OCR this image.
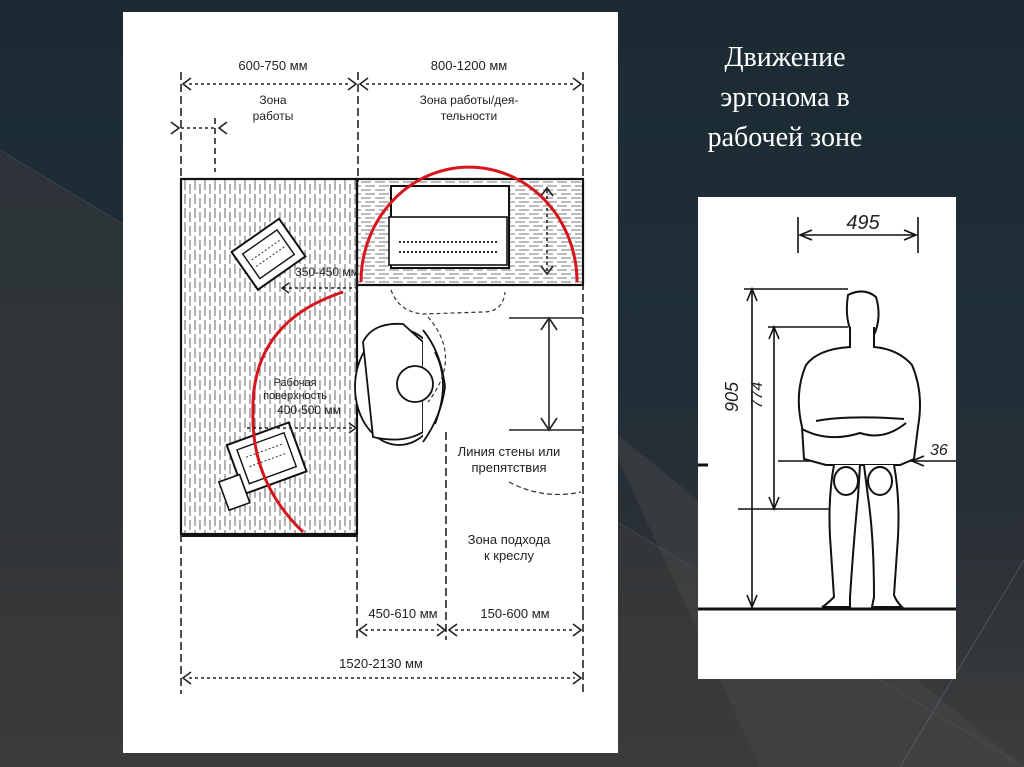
Движение эргонома в рабочей зоне
600-750 мм	800-1200 мм
Зона
работы
Зона работы/дея-
тельности
350-450 мм
Рабочая
поверхность
400-500 мм
Линия стены или
препятствия
Зона подхода
к креслу
450-610 мм	150-600 мм
1520-2130 мм
495
905 774
36
